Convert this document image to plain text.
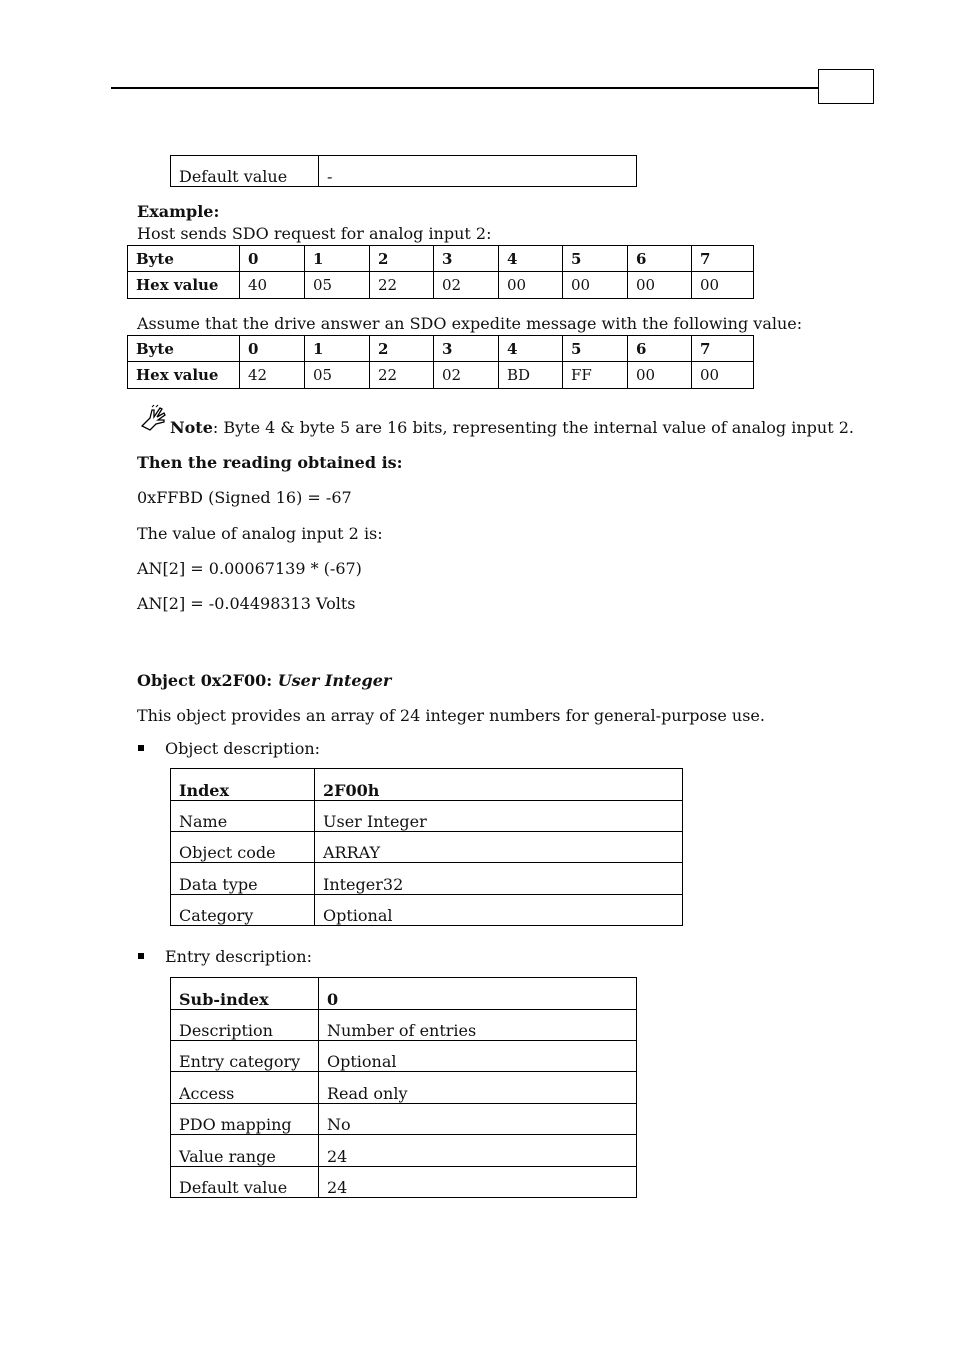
Default value	-
Example:
Host sends SDO request for analog input 2:
Byte	0	1	2	3	4	5	6	7
Hex value	40	05	22	02	00	00	00	00
Assume that the drive answer an SDO expedite message with the following value:
Byte	0	1	2	3	4	5	6	7
Hex value	42	05	22	02	BD	FF	00	00
Note: Byte 4 & byte 5 are 16 bits, representing the internal value of analog input 2.
Then the reading obtained is:
0xFFBD (Signed 16) = -67
The value of analog input 2 is:
AN[2] = 0.00067139 * (-67)
AN[2] = -0.04498313 Volts
Object 0x2F00: User Integer
This object provides an array of 24 integer numbers for general-purpose use.
Object description:
Index	2F00h
Name	User Integer
Object code	ARRAY
Data type	Integer32
Category	Optional
Entry description:
Sub-index	0
Description	Number of entries
Entry category	Optional
Access	Read only
PDO mapping	No
Value range	24
Default value	24
